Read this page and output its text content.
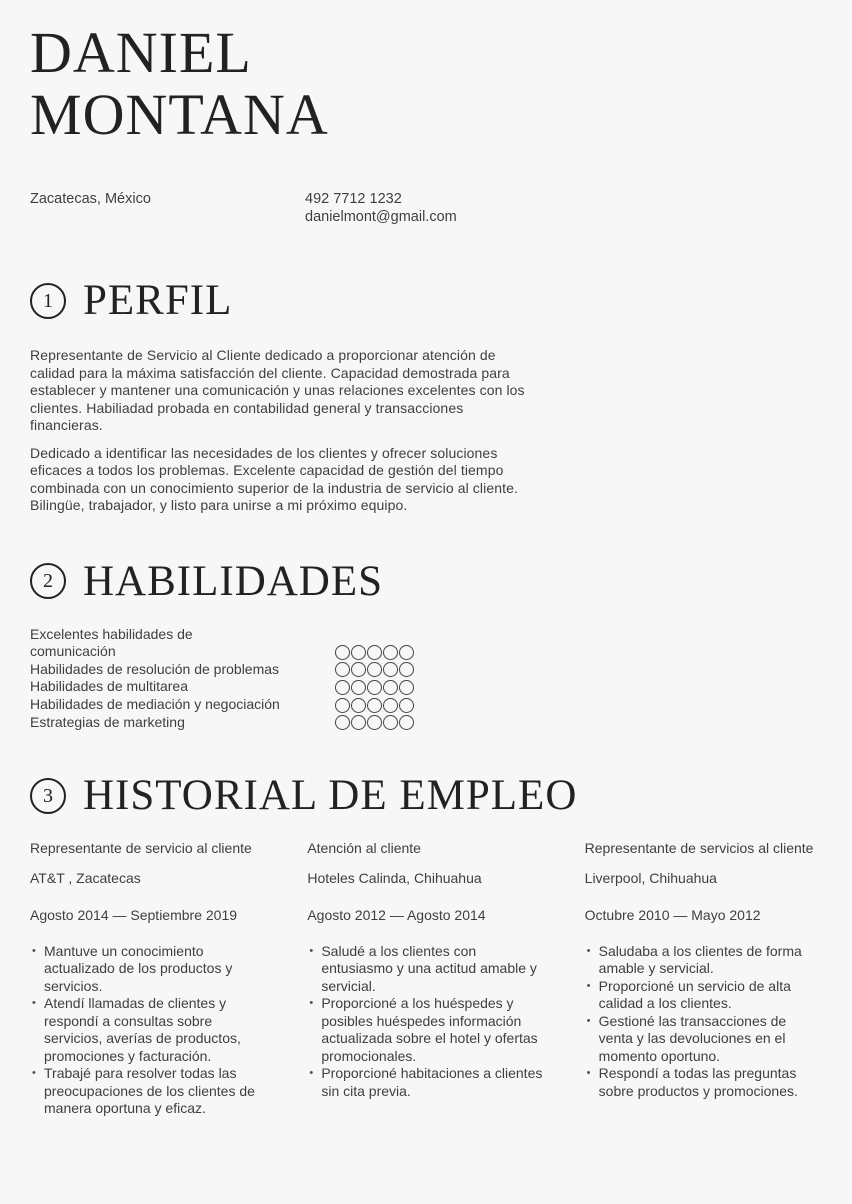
DANIEL
MONTANA
Zacatecas, México	492 7712 1232
danielmont@gmail.com
1 PERFIL

Representante de Servicio al Cliente dedicado a proporcionar atención de calidad para la máxima satisfacción del cliente. Capacidad demostrada para establecer y mantener una comunicación y unas relaciones excelentes con los clientes. Habiliadad probada en contabilidad general y transacciones financieras.

Dedicado a identificar las necesidades de los clientes y ofrecer soluciones eficaces a todos los problemas. Excelente capacidad de gestión del tiempo combinada con un conocimiento superior de la industria de servicio al cliente. Bilingüe, trabajador, y listo para unirse a mi próximo equipo.

2 HABILIDADES
Excelentes habilidades de comunicación
Habilidades de resolución de problemas
Habilidades de multitarea
Habilidades de mediación y negociación
Estrategias de marketing
3 HISTORIAL DE EMPLEO
Representante de servicio al cliente
AT&T , Zacatecas
Agosto 2014 — Septiembre 2019
• Mantuve un conocimiento actualizado de los productos y servicios.
• Atendí llamadas de clientes y respondí a consultas sobre servicios, averías de productos, promociones y facturación.
• Trabajé para resolver todas las preocupaciones de los clientes de manera oportuna y eficaz.
Atención al cliente
Hoteles Calinda, Chihuahua
Agosto 2012 — Agosto 2014
• Saludé a los clientes con entusiasmo y una actitud amable y servicial.
• Proporcioné a los huéspedes y posibles huéspedes información actualizada sobre el hotel y ofertas promocionales.
• Proporcioné habitaciones a clientes sin cita previa.
Representante de servicios al cliente
Liverpool, Chihuahua
Octubre 2010 — Mayo 2012
• Saludaba a los clientes de forma amable y servicial.
• Proporcioné un servicio de alta calidad a los clientes.
• Gestioné las transacciones de venta y las devoluciones en el momento oportuno.
• Respondí a todas las preguntas sobre productos y promociones.
